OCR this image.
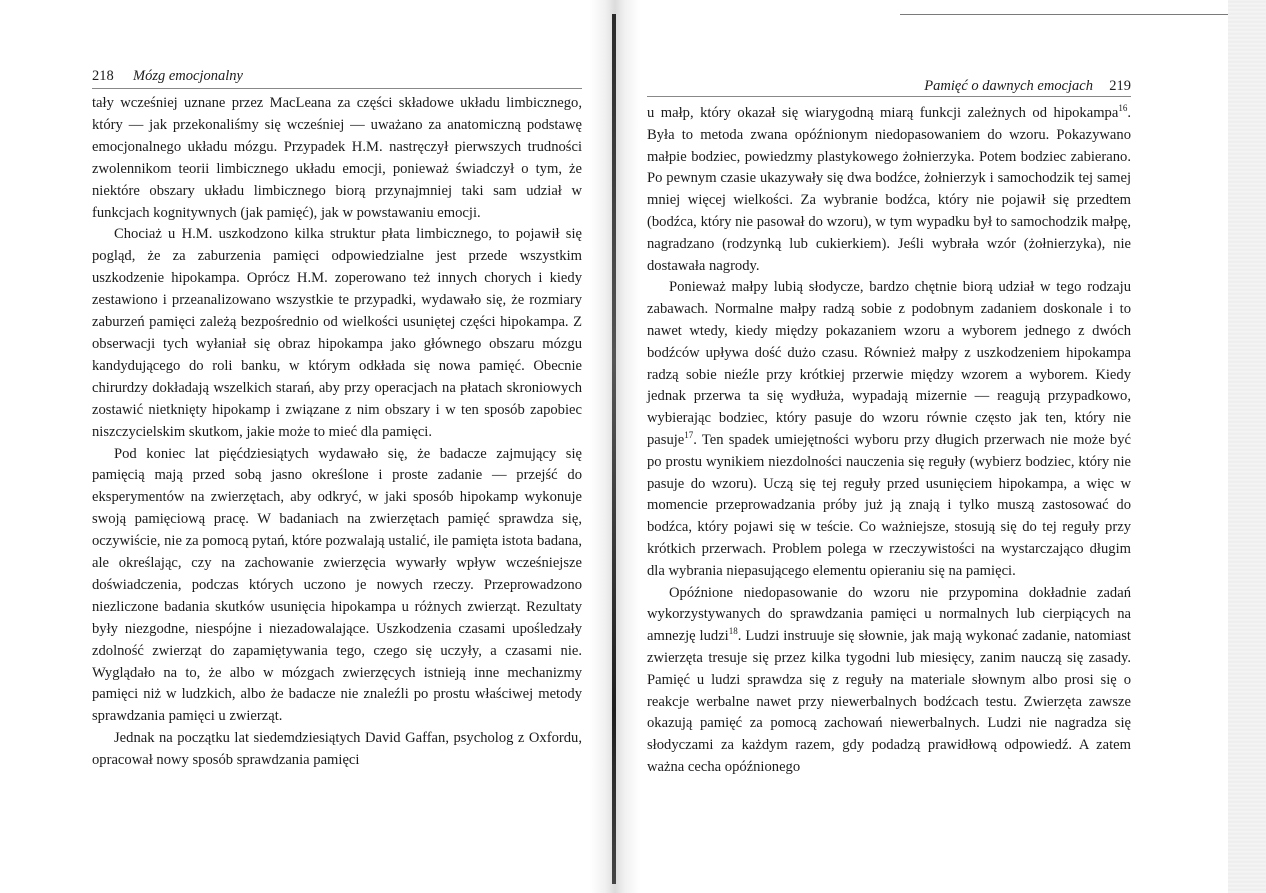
218 Mózg emocjonalny

tały wcześniej uznane przez MacLeana za części składowe układu limbicznego, który — jak przekonaliśmy się wcześniej — uważano za anatomiczną podstawę emocjonalnego układu mózgu. Przypadek H.M. nastręczył pierwszych trudności zwolennikom teorii limbicznego układu emocji, ponieważ świadczył o tym, że niektóre obszary układu limbicznego biorą przynajmniej taki sam udział w funkcjach kognitywnych (jak pamięć), jak w powstawaniu emocji.

Chociaż u H.M. uszkodzono kilka struktur płata limbicznego, to pojawił się pogląd, że za zaburzenia pamięci odpowiedzialne jest przede wszystkim uszkodzenie hipokampa. Oprócz H.M. zoperowano też innych chorych i kiedy zestawiono i przeanalizowano wszystkie te przypadki, wydawało się, że rozmiary zaburzeń pamięci zależą bezpośrednio od wielkości usuniętej części hipokampa. Z obserwacji tych wyłaniał się obraz hipokampa jako głównego obszaru mózgu kandydującego do roli banku, w którym odkłada się nowa pamięć. Obecnie chirurdzy dokładają wszelkich starań, aby przy operacjach na płatach skroniowych zostawić nietknięty hipokamp i związane z nim obszary i w ten sposób zapobiec niszczycielskim skutkom, jakie może to mieć dla pamięci.

Pod koniec lat pięćdziesiątych wydawało się, że badacze zajmujący się pamięcią mają przed sobą jasno określone i proste zadanie — przejść do eksperymentów na zwierzętach, aby odkryć, w jaki sposób hipokamp wykonuje swoją pamięciową pracę. W badaniach na zwierzętach pamięć sprawdza się, oczywiście, nie za pomocą pytań, które pozwalają ustalić, ile pamięta istota badana, ale określając, czy na zachowanie zwierzęcia wywarły wpływ wcześniejsze doświadczenia, podczas których uczono je nowych rzeczy. Przeprowadzono niezliczone badania skutków usunięcia hipokampa u różnych zwierząt. Rezultaty były niezgodne, niespójne i niezadowalające. Uszkodzenia czasami upośledzały zdolność zwierząt do zapamiętywania tego, czego się uczyły, a czasami nie. Wyglądało na to, że albo w mózgach zwierzęcych istnieją inne mechanizmy pamięci niż w ludzkich, albo że badacze nie znaleźli po prostu właściwej metody sprawdzania pamięci u zwierząt.

Jednak na początku lat siedemdziesiątych David Gaffan, psycholog z Oxfordu, opracował nowy sposób sprawdzania pamięci

Pamięć o dawnych emocjach 219

u małp, który okazał się wiarygodną miarą funkcji zależnych od hipokampa$^{16}$. Była to metoda zwana opóźnionym niedopasowaniem do wzoru. Pokazywano małpie bodziec, powiedzmy plastykowego żołnierzyka. Potem bodziec zabierano. Po pewnym czasie ukazywały się dwa bodźce, żołnierzyk i samochodzik tej samej mniej więcej wielkości. Za wybranie bodźca, który nie pojawił się przedtem (bodźca, który nie pasował do wzoru), w tym wypadku był to samochodzik małpę, nagradzano (rodzynką lub cukierkiem). Jeśli wybrała wzór (żołnierzyka), nie dostawała nagrody.

Ponieważ małpy lubią słodycze, bardzo chętnie biorą udział w tego rodzaju zabawach. Normalne małpy radzą sobie z podobnym zadaniem doskonale i to nawet wtedy, kiedy między pokazaniem wzoru a wyborem jednego z dwóch bodźców upływa dość dużo czasu. Również małpy z uszkodzeniem hipokampa radzą sobie nieźle przy krótkiej przerwie między wzorem a wyborem. Kiedy jednak przerwa ta się wydłuża, wypadają mizernie — reagują przypadkowo, wybierając bodziec, który pasuje do wzoru równie często jak ten, który nie pasuje$^{17}$. Ten spadek umiejętności wyboru przy długich przerwach nie może być po prostu wynikiem niezdolności nauczenia się reguły (wybierz bodziec, który nie pasuje do wzoru). Uczą się tej reguły przed usunięciem hipokampa, a więc w momencie przeprowadzania próby już ją znają i tylko muszą zastosować do bodźca, który pojawi się w teście. Co ważniejsze, stosują się do tej reguły przy krótkich przerwach. Problem polega w rzeczywistości na wystarczająco długim dla wybrania niepasującego elementu opieraniu się na pamięci.

Opóźnione niedopasowanie do wzoru nie przypomina dokładnie zadań wykorzystywanych do sprawdzania pamięci u normalnych lub cierpiących na amnezję ludzi$^{18}$. Ludzi instruuje się słownie, jak mają wykonać zadanie, natomiast zwierzęta tresuje się przez kilka tygodni lub miesięcy, zanim nauczą się zasady. Pamięć u ludzi sprawdza się z reguły na materiale słownym albo prosi się o reakcje werbalne nawet przy niewerbalnych bodźcach testu. Zwierzęta zawsze okazują pamięć za pomocą zachowań niewerbalnych. Ludzi nie nagradza się słodyczami za każdym razem, gdy podadzą prawidłową odpowiedź. A zatem ważna cecha opóźnionego
